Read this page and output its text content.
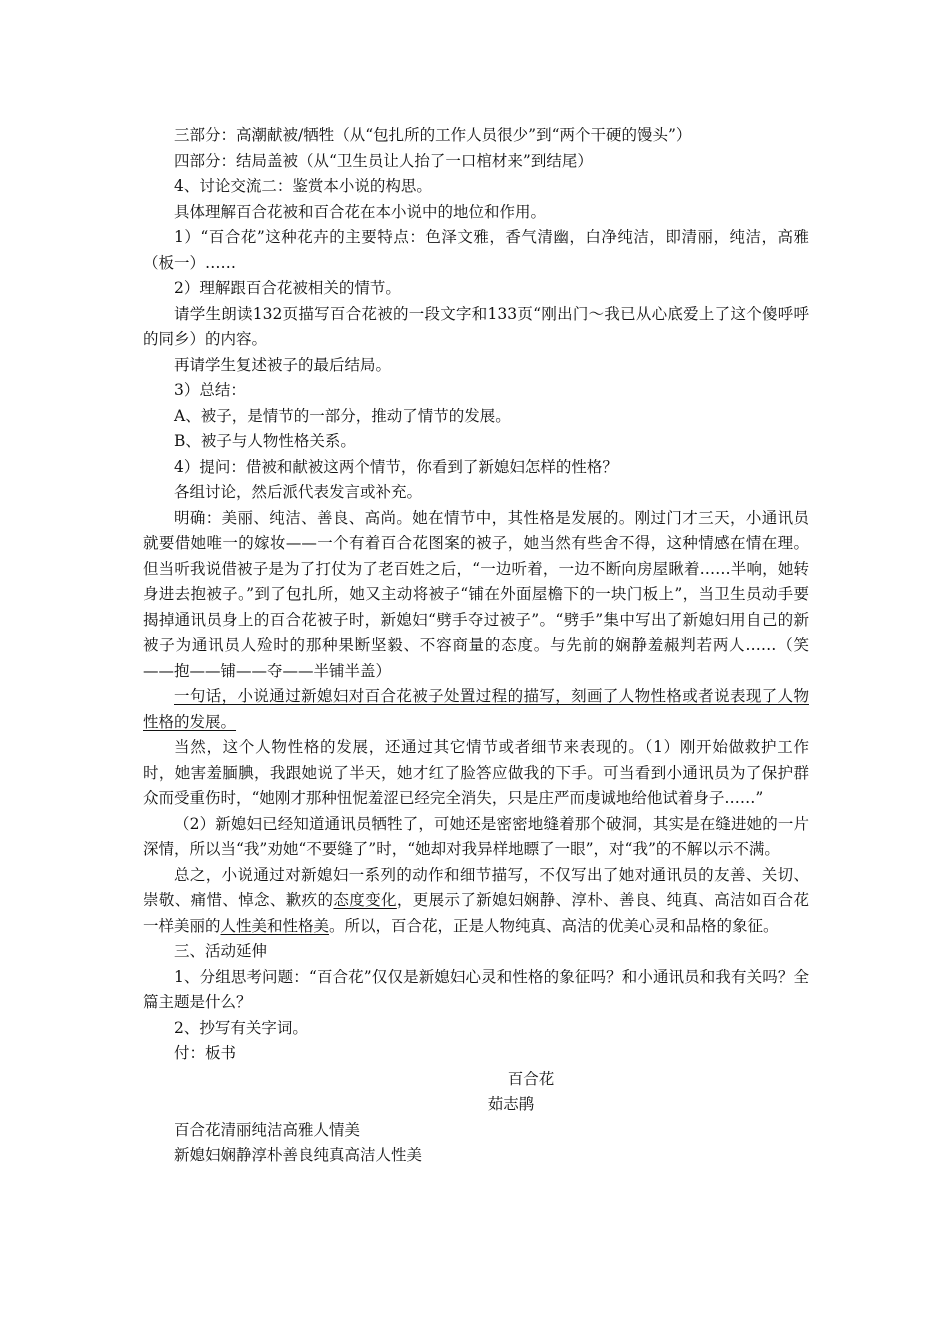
三部分：高潮献被/牺牲（从“包扎所的工作人员很少”到“两个干硬的馒头”）

四部分：结局盖被（从“卫生员让人抬了一口棺材来”到结尾）

4、讨论交流二：鉴赏本小说的构思。

具体理解百合花被和百合花在本小说中的地位和作用。

1）“百合花”这种花卉的主要特点：色泽文雅，香气清幽，白净纯洁，即清丽，纯洁，高雅（板一）……

2）理解跟百合花被相关的情节。

请学生朗读132页描写百合花被的一段文字和133页“刚出门～我已从心底爱上了这个傻呼呼的同乡）的内容。

再请学生复述被子的最后结局。

3）总结：

A、被子，是情节的一部分，推动了情节的发展。

B、被子与人物性格关系。

4）提问：借被和献被这两个情节，你看到了新媳妇怎样的性格？

各组讨论，然后派代表发言或补充。

明确：美丽、纯洁、善良、高尚。她在情节中，其性格是发展的。刚过门才三天，小通讯员就要借她唯一的嫁妆——一个有着百合花图案的被子，她当然有些舍不得，这种情感在情在理。但当听我说借被子是为了打仗为了老百姓之后，“一边听着，一边不断向房屋瞅着……半响，她转身进去抱被子。”到了包扎所，她又主动将被子“铺在外面屋檐下的一块门板上”，当卫生员动手要揭掉通讯员身上的百合花被子时，新媳妇“劈手夺过被子”。“劈手”集中写出了新媳妇用自己的新被子为通讯员人殓时的那种果断坚毅、不容商量的态度。与先前的娴静羞赧判若两人……（笑——抱——铺——夺——半铺半盖）

一句话，小说通过新媳妇对百合花被子处置过程的描写，刻画了人物性格或者说表现了人物性格的发展。

当然，这个人物性格的发展，还通过其它情节或者细节来表现的。（1）刚开始做救护工作时，她害羞腼腆，我跟她说了半天，她才红了脸答应做我的下手。可当看到小通讯员为了保护群众而受重伤时，“她刚才那种忸怩羞涩已经完全消失，只是庄严而虔诚地给他试着身子……”

（2）新媳妇已经知道通讯员牺牲了，可她还是密密地缝着那个破洞，其实是在缝进她的一片深情，所以当“我”劝她“不要缝了”时，“她却对我异样地瞟了一眼”，对“我”的不解以示不满。

总之，小说通过对新媳妇一系列的动作和细节描写，不仅写出了她对通讯员的友善、关切、崇敬、痛惜、悼念、歉疚的态度变化，更展示了新媳妇娴静、淳朴、善良、纯真、高洁如百合花一样美丽的人性美和性格美。所以，百合花，正是人物纯真、高洁的优美心灵和品格的象征。

三、活动延伸

1、分组思考问题：“百合花”仅仅是新媳妇心灵和性格的象征吗？和小通讯员和我有关吗？全篇主题是什么？

2、抄写有关字词。

付：板书

百合花

茹志鹃

百合花清丽纯洁高雅人情美

新媳妇娴静淳朴善良纯真高洁人性美
